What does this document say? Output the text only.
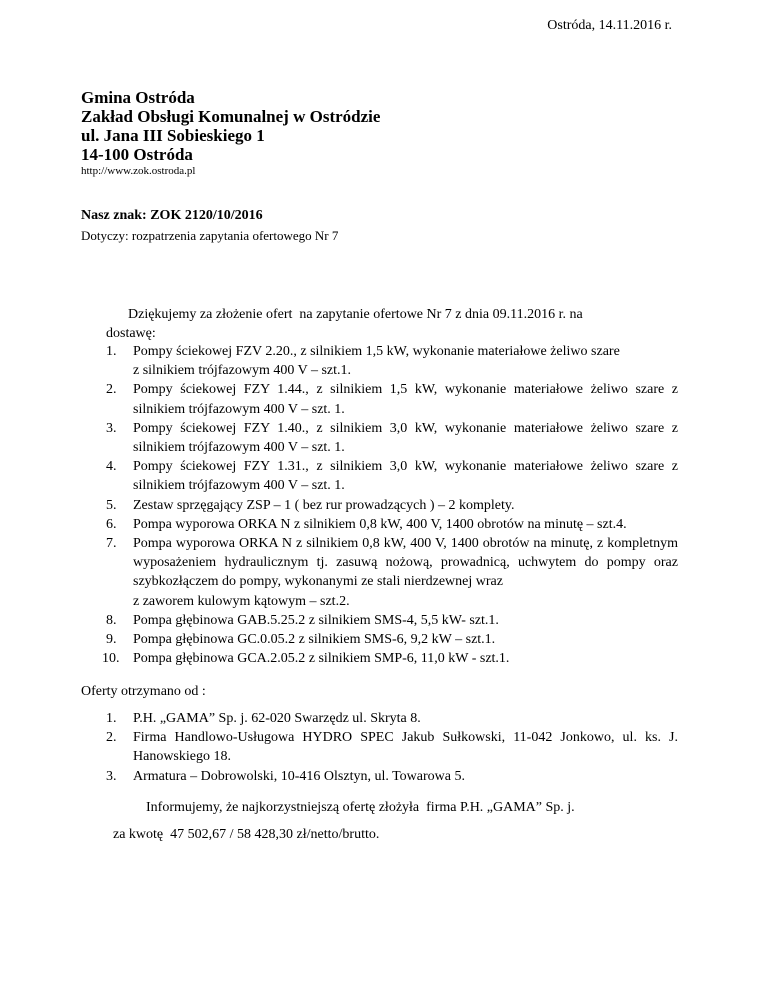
Ostróda, 14.11.2016 r.
Gmina Ostróda
Zakład Obsługi Komunalnej w Ostródzie
ul. Jana III Sobieskiego 1
14-100 Ostróda
http://www.zok.ostroda.pl
Nasz znak: ZOK 2120/10/2016
Dotyczy: rozpatrzenia zapytania ofertowego Nr 7
Dziękujemy za złożenie ofert  na zapytanie ofertowe Nr 7 z dnia 09.11.2016 r. na
dostawę:
1. Pompy ściekowej FZV 2.20., z silnikiem 1,5 kW, wykonanie materiałowe żeliwo szare
z silnikiem trójfazowym 400 V – szt.1.
2. Pompy ściekowej FZY 1.44., z silnikiem 1,5 kW, wykonanie materiałowe żeliwo szare z silnikiem trójfazowym 400 V – szt. 1.
3. Pompy ściekowej FZY 1.40., z silnikiem 3,0 kW, wykonanie materiałowe żeliwo szare z silnikiem trójfazowym 400 V – szt. 1.
4. Pompy ściekowej FZY 1.31., z silnikiem 3,0 kW, wykonanie materiałowe żeliwo szare z silnikiem trójfazowym 400 V – szt. 1.
5. Zestaw sprzęgający ZSP – 1 ( bez rur prowadzących ) – 2 komplety.
6. Pompa wyporowa ORKA N z silnikiem 0,8 kW, 400 V, 1400 obrotów na minutę – szt.4.
7. Pompa wyporowa ORKA N z silnikiem 0,8 kW, 400 V, 1400 obrotów na minutę, z kompletnym wyposażeniem hydraulicznym tj. zasuwą nożową, prowadnicą, uchwytem do pompy oraz szybkozłączem do pompy, wykonanymi ze stali nierdzewnej wraz
z zaworem kulowym kątowym – szt.2.
8. Pompa głębinowa GAB.5.25.2 z silnikiem SMS-4, 5,5 kW- szt.1.
9. Pompa głębinowa GC.0.05.2 z silnikiem SMS-6, 9,2 kW – szt.1.
10. Pompa głębinowa GCA.2.05.2 z silnikiem SMP-6, 11,0 kW - szt.1.
Oferty otrzymano od :
1. P.H. „GAMA” Sp. j. 62-020 Swarzędz ul. Skryta 8.
2. Firma Handlowo-Usługowa HYDRO SPEC Jakub Sułkowski, 11-042 Jonkowo, ul. ks. J. Hanowskiego 18.
3. Armatura – Dobrowolski, 10-416 Olsztyn, ul. Towarowa 5.
Informujemy, że najkorzystniejszą ofertę złożyła  firma P.H. „GAMA” Sp. j.
za kwotę  47 502,67 / 58 428,30 zł/netto/brutto.
